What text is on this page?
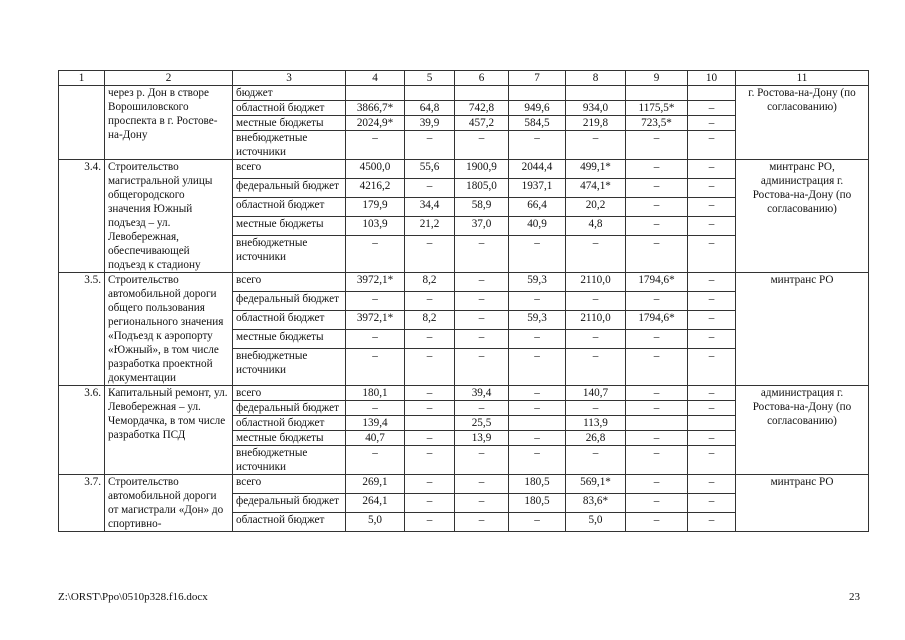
1	2	3	4	5	6	7	8	9	10	11
	через р. Дон в створе Ворошиловского проспекта в г. Ростове-на-Дону	бюджет								г. Ростова-на-Дону (по согласованию)
		областной бюджет	3866,7*	64,8	742,8	949,6	934,0	1175,5*	–	
		местные бюджеты	2024,9*	39,9	457,2	584,5	219,8	723,5*	–	
		внебюджетные источники	–	–	–	–	–	–	–	
3.4.	Строительство магистральной улицы общегородского значения Южный подъезд – ул. Левобережная, обеспечивающей подъезд к стадиону	всего	4500,0	55,6	1900,9	2044,4	499,1*	–	–	минтранс РО, администрация г. Ростова-на-Дону (по согласованию)
		федеральный бюджет	4216,2	–	1805,0	1937,1	474,1*	–	–	
		областной бюджет	179,9	34,4	58,9	66,4	20,2	–	–	
		местные бюджеты	103,9	21,2	37,0	40,9	4,8	–	–	
		внебюджетные источники	–	–	–	–	–	–	–	
3.5.	Строительство автомобильной дороги общего пользования регионального значения «Подъезд к аэропорту «Южный», в том числе разработка проектной документации	всего	3972,1*	8,2	–	59,3	2110,0	1794,6*	–	минтранс РО
		федеральный бюджет	–	–	–	–	–	–	–	
		областной бюджет	3972,1*	8,2	–	59,3	2110,0	1794,6*	–	
		местные бюджеты	–	–	–	–	–	–	–	
		внебюджетные источники	–	–	–	–	–	–	–	
3.6.	Капитальный ремонт, ул. Левобережная – ул. Чемордачка, в том числе разработка ПСД	всего	180,1	–	39,4	–	140,7	–	–	администрация г. Ростова-на-Дону (по согласованию)
		федеральный бюджет	–	–	–	–	–	–	–	
		областной бюджет	139,4		25,5		113,9			
		местные бюджеты	40,7	–	13,9	–	26,8	–	–	
		внебюджетные источники	–	–	–	–	–	–	–	
3.7.	Строительство автомобильной дороги от магистрали «Дон» до спортивно-	всего	269,1	–	–	180,5	569,1*	–	–	минтранс РО
		федеральный бюджет	264,1	–	–	180,5	83,6*	–	–	
		областной бюджет	5,0	–	–	–	5,0	–	–	
Z:\ORST\Ppo\0510p328.f16.docx	23
